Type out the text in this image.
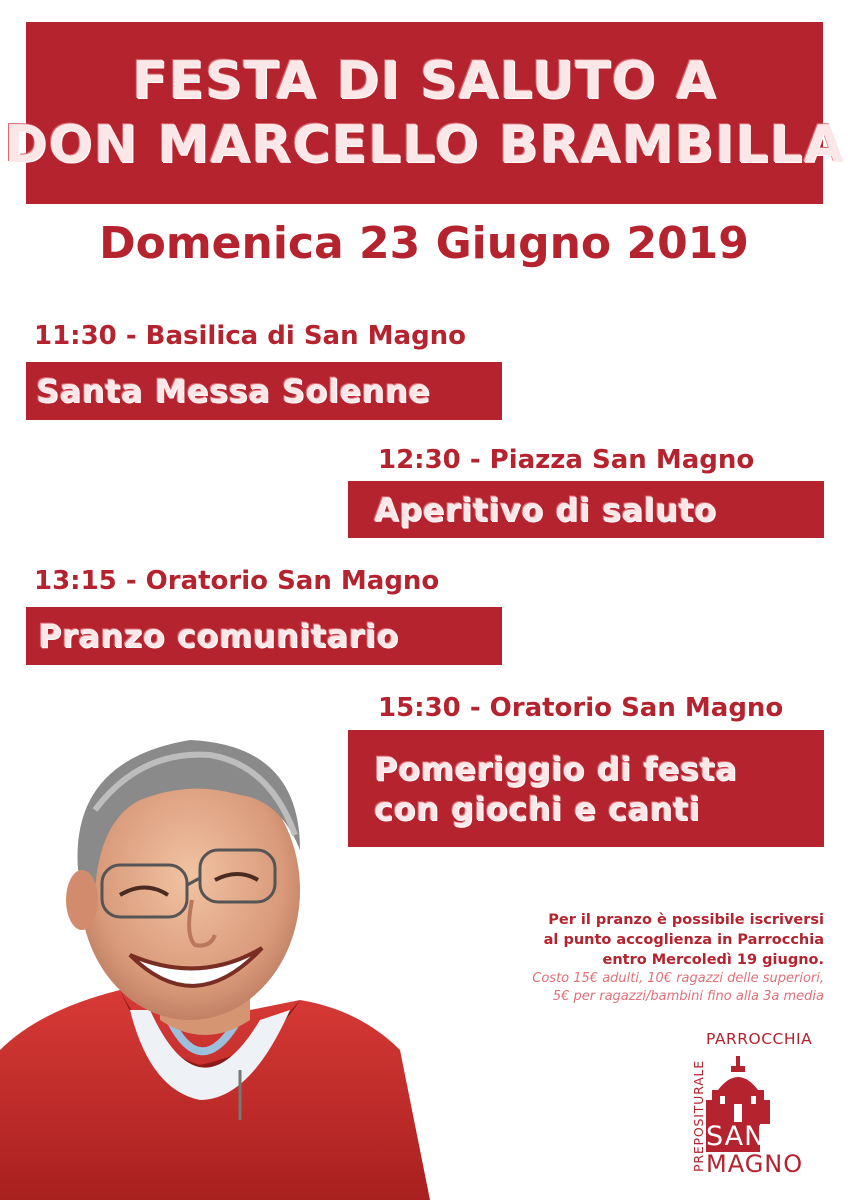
FESTA DI SALUTO A
DON MARCELLO BRAMBILLA
Domenica 23 Giugno 2019
11:30 - Basilica di San Magno
Santa Messa Solenne
12:30 - Piazza San Magno
Aperitivo di saluto
13:15 - Oratorio San Magno
Pranzo comunitario
15:30 - Oratorio San Magno
Pomeriggio di festa
con giochi e canti
Per il pranzo è possibile iscriversi
al punto accoglienza in Parrocchia
entro Mercoledì 19 giugno.
Costo 15€ adulti, 10€ ragazzi delle superiori,
5€ per ragazzi/bambini fino alla 3a media
PARROCCHIA
PREPOSITURALE SAN
MAGNO
